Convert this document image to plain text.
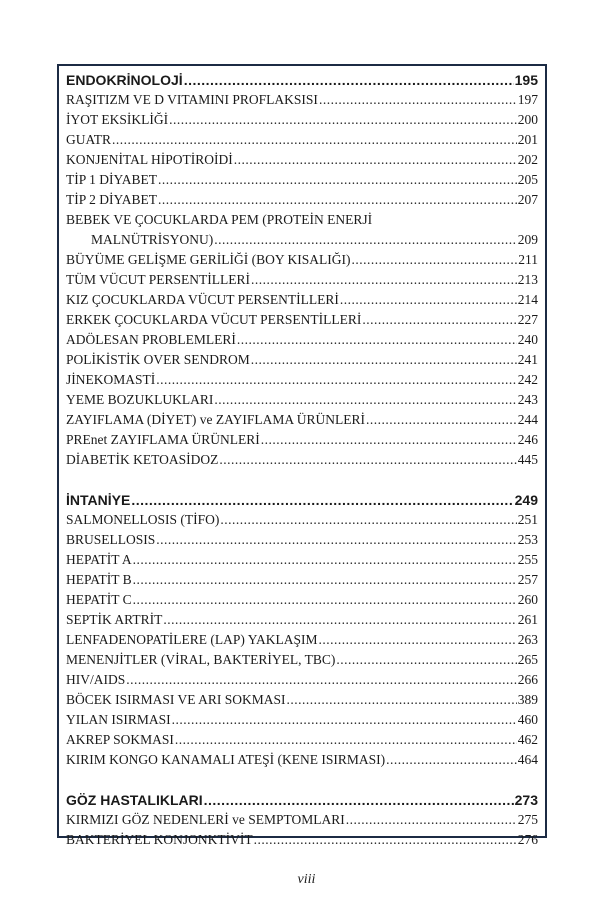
ENDOKRİNOLOJİ .....	195
RAŞITIZM VE D VITAMINI PROFLAKSISI .....	197
İYOT EKSİKLİĞİ .....	200
GUATR .....	201
KONJENİTAL HİPOTİROİDİ .....	202
TİP 1 DİYABET .....	205
TİP 2 DİYABET .....	207
BEBEK VE ÇOCUKLARDA PEM (PROTEİN ENERJİ
MALNÜTRİSYONU) .....	209
BÜYÜME GELİŞME GERİLİĞİ (BOY KISALIĞI) .....	211
TÜM VÜCUT PERSENTİLLERİ .....	213
KIZ ÇOCUKLARDA VÜCUT PERSENTİLLERİ .....	214
ERKEK ÇOCUKLARDA VÜCUT PERSENTİLLERİ .....	227
ADÖLESAN PROBLEMLERİ .....	240
POLİKİSTİK OVER SENDROM .....	241
JİNEKOMASTİ .....	242
YEME BOZUKLUKLARI .....	243
ZAYIFLAMA (DİYET) ve ZAYIFLAMA ÜRÜNLERİ .....	244
PREnet ZAYIFLAMA ÜRÜNLERİ .....	246
DİABETİK KETOASİDOZ .....	445
İNTANİYE .....	249
SALMONELLOSIS (TİFO) .....	251
BRUSELLOSIS .....	253
HEPATİT A .....	255
HEPATİT B .....	257
HEPATİT C .....	260
SEPTİK ARTRİT .....	261
LENFADENOPATİLERE (LAP) YAKLAŞIM .....	263
MENENJİTLER (VİRAL, BAKTERİYEL, TBC) .....	265
HIV/AIDS .....	266
BÖCEK ISIRMASI VE ARI SOKMASI .....	389
YILAN ISIRMASI .....	460
AKREP SOKMASI .....	462
KIRIM KONGO KANAMALI ATEŞİ (KENE ISIRMASI) .....	464
GÖZ HASTALIKLARI .....	273
KIRMIZI GÖZ NEDENLERİ ve SEMPTOMLARI .....	275
BAKTERİYEL KONJONKTİVİT .....	276
viii
